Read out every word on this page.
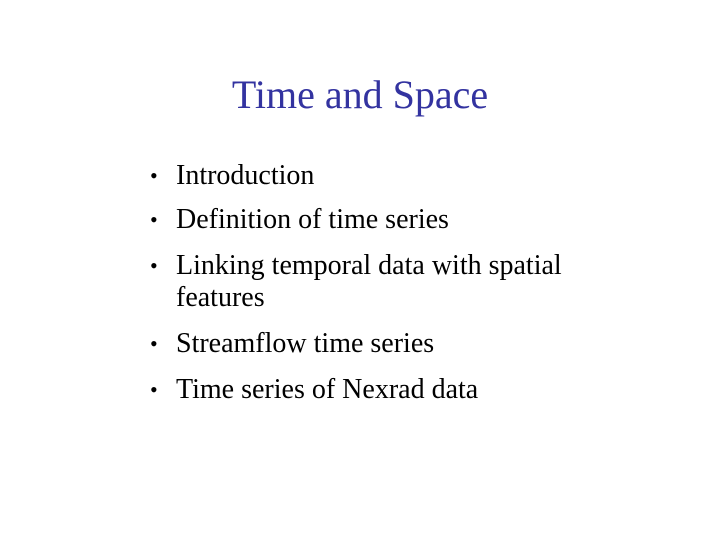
Time and Space
• Introduction
• Definition of time series
• Linking temporal data with spatial features
• Streamflow time series
• Time series of Nexrad data
